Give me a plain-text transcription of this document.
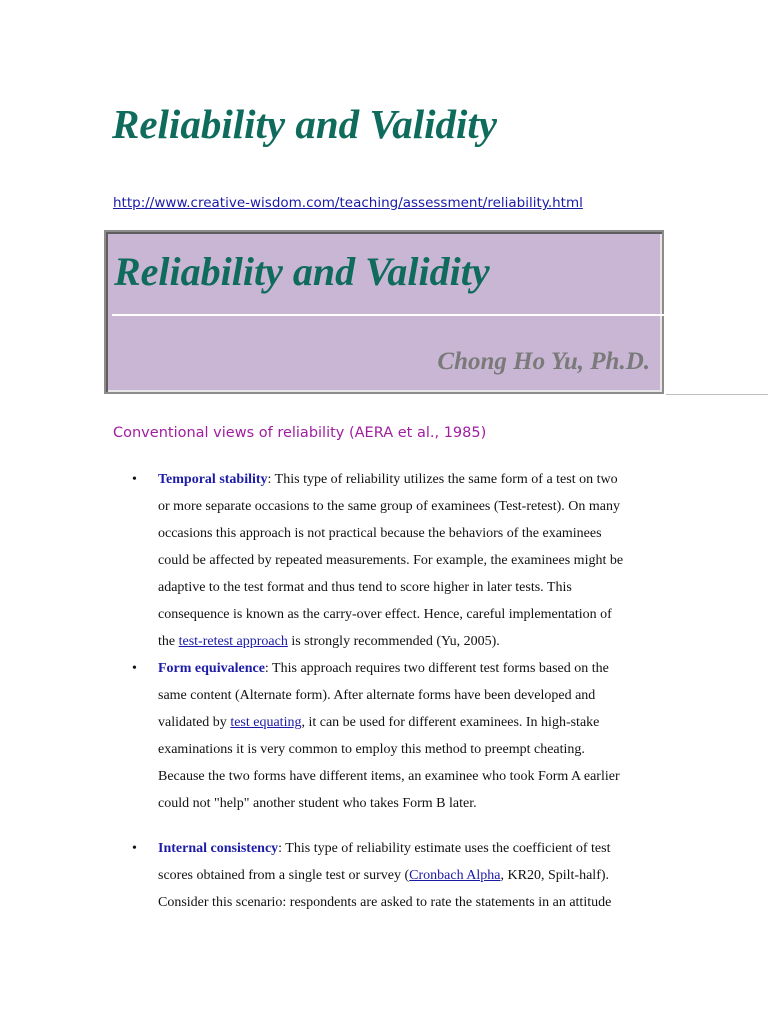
Reliability and Validity
http://www.creative-wisdom.com/teaching/assessment/reliability.html
Reliability and Validity
Chong Ho Yu, Ph.D.
Conventional views of reliability (AERA et al., 1985)
• Temporal stability: This type of reliability utilizes the same form of a test on two or more separate occasions to the same group of examinees (Test-retest). On many occasions this approach is not practical because the behaviors of the examinees could be affected by repeated measurements. For example, the examinees might be adaptive to the test format and thus tend to score higher in later tests. This consequence is known as the carry-over effect. Hence, careful implementation of the test-retest approach is strongly recommended (Yu, 2005).
• Form equivalence: This approach requires two different test forms based on the same content (Alternate form). After alternate forms have been developed and validated by test equating, it can be used for different examinees. In high-stake examinations it is very common to employ this method to preempt cheating. Because the two forms have different items, an examinee who took Form A earlier could not "help" another student who takes Form B later.
• Internal consistency: This type of reliability estimate uses the coefficient of test scores obtained from a single test or survey (Cronbach Alpha, KR20, Spilt-half). Consider this scenario: respondents are asked to rate the statements in an attitude
